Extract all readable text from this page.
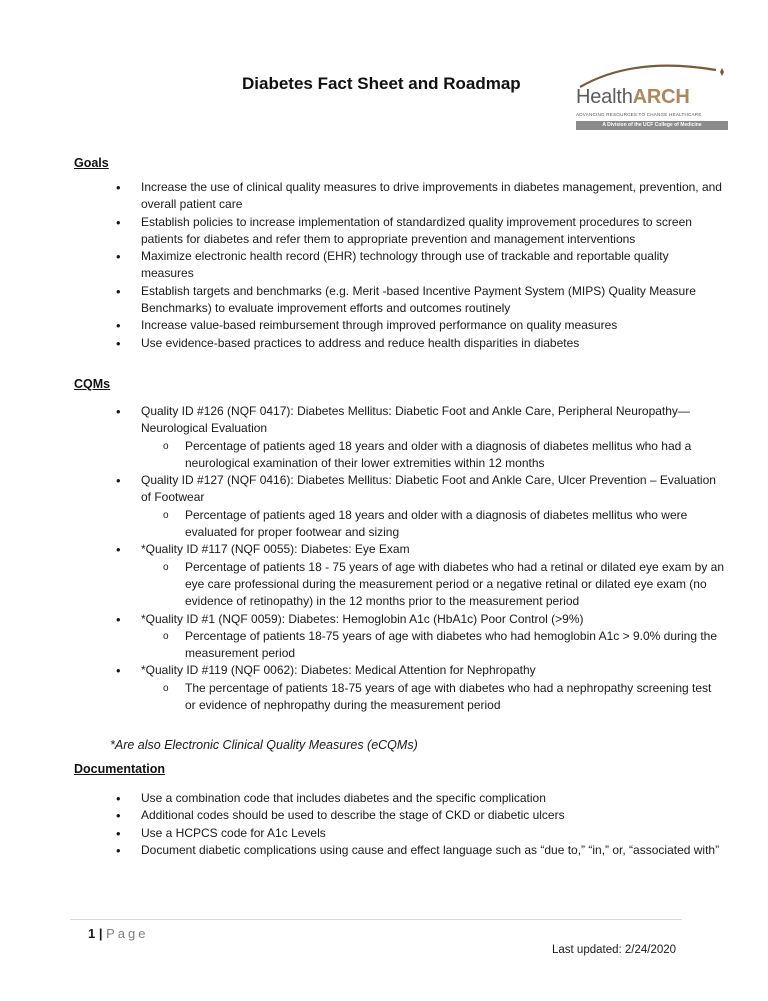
Diabetes Fact Sheet and Roadmap
HealthARCH
ADVANCING RESOURCES TO CHANGE HEALTHCARE
A Division of the UCF College of Medicine
Goals
• Increase the use of clinical quality measures to drive improvements in diabetes management, prevention, and overall patient care
• Establish policies to increase implementation of standardized quality improvement procedures to screen patients for diabetes and refer them to appropriate prevention and management interventions
• Maximize electronic health record (EHR) technology through use of trackable and reportable quality measures
• Establish targets and benchmarks (e.g. Merit -based Incentive Payment System (MIPS) Quality Measure Benchmarks) to evaluate improvement efforts and outcomes routinely
• Increase value-based reimbursement through improved performance on quality measures
• Use evidence-based practices to address and reduce health disparities in diabetes
CQMs
• Quality ID #126 (NQF 0417): Diabetes Mellitus: Diabetic Foot and Ankle Care, Peripheral Neuropathy—Neurological Evaluation
o Percentage of patients aged 18 years and older with a diagnosis of diabetes mellitus who had a neurological examination of their lower extremities within 12 months
• Quality ID #127 (NQF 0416): Diabetes Mellitus: Diabetic Foot and Ankle Care, Ulcer Prevention – Evaluation of Footwear
o Percentage of patients aged 18 years and older with a diagnosis of diabetes mellitus who were evaluated for proper footwear and sizing
• *Quality ID #117 (NQF 0055): Diabetes: Eye Exam
o Percentage of patients 18 - 75 years of age with diabetes who had a retinal or dilated eye exam by an eye care professional during the measurement period or a negative retinal or dilated eye exam (no evidence of retinopathy) in the 12 months prior to the measurement period
• *Quality ID #1 (NQF 0059): Diabetes: Hemoglobin A1c (HbA1c) Poor Control (>9%)
o Percentage of patients 18-75 years of age with diabetes who had hemoglobin A1c > 9.0% during the measurement period
• *Quality ID #119 (NQF 0062): Diabetes: Medical Attention for Nephropathy
o The percentage of patients 18-75 years of age with diabetes who had a nephropathy screening test or evidence of nephropathy during the measurement period
*Are also Electronic Clinical Quality Measures (eCQMs)
Documentation
• Use a combination code that includes diabetes and the specific complication
• Additional codes should be used to describe the stage of CKD or diabetic ulcers
• Use a HCPCS code for A1c Levels
• Document diabetic complications using cause and effect language such as “due to,” “in,” or, “associated with”
1 | Page
Last updated: 2/24/2020
